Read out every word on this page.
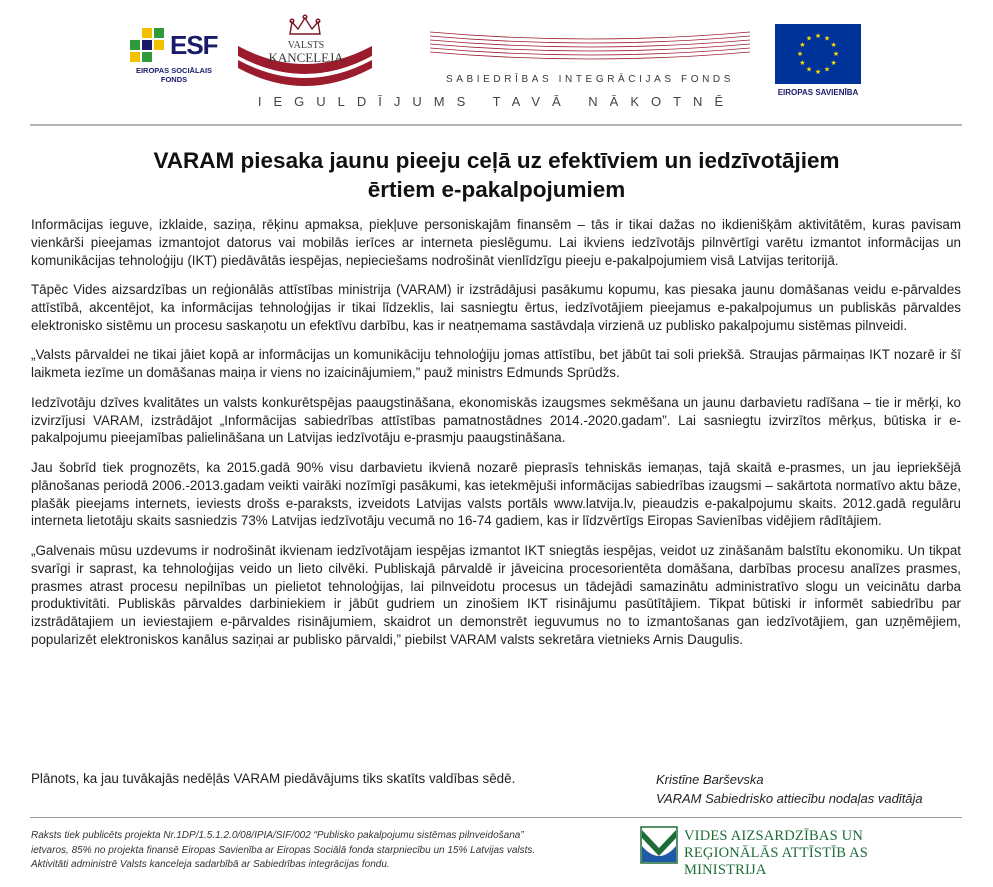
ESF
EIROPAS SOCIĀLAIS
FONDS
VALSTS
KANCELEJA
SABIEDRĪBAS INTEGRĀCIJAS FONDS
★ ★
★
★
★
★
★
★
★
★
★
★
EIROPAS SAVIENĪBA
IEGULDĪJUMS TAVĀ NĀKOTNĒ
VARAM piesaka jaunu pieeju ceļā uz efektīviem un iedzīvotājiem
ērtiem e-pakalpojumiem

Informācijas ieguve, izklaide, saziņa, rēķinu apmaksa, piekļuve personiskajām finansēm – tās ir tikai dažas no ikdienišķām aktivitātēm, kuras pavisam vienkārši pieejamas izmantojot datorus vai mobilās ierīces ar interneta pieslēgumu. Lai ikviens iedzīvotājs pilnvērtīgi varētu izmantot informācijas un komunikācijas tehnoloģiju (IKT) piedāvātās iespējas, nepieciešams nodrošināt vienlīdzīgu pieeju e-pakalpojumiem visā Latvijas teritorijā.

Tāpēc Vides aizsardzības un reģionālās attīstības ministrija (VARAM) ir izstrādājusi pasākumu kopumu, kas piesaka jaunu domāšanas veidu e-pārvaldes attīstībā, akcentējot, ka informācijas tehnoloģijas ir tikai līdzeklis, lai sasniegtu ērtus, iedzīvotājiem pieejamus e-pakalpojumus un publiskās pārvaldes elektronisko sistēmu un procesu saskaņotu un efektīvu darbību, kas ir neatņemama sastāvdaļa virzienā uz publisko pakalpojumu sistēmas pilnveidi.

„Valsts pārvaldei ne tikai jāiet kopā ar informācijas un komunikāciju tehnoloģiju jomas attīstību, bet jābūt tai soli priekšā. Straujas pārmaiņas IKT nozarē ir šī laikmeta iezīme un domāšanas maiņa ir viens no izaicinājumiem,” pauž ministrs Edmunds Sprūdžs.

Iedzīvotāju dzīves kvalitātes un valsts konkurētspējas paaugstināšana, ekonomiskās izaugsmes sekmēšana un jaunu darbavietu radīšana – tie ir mērķi, ko izvirzījusi VARAM, izstrādājot „Informācijas sabiedrības attīstības pamatnostādnes 2014.-2020.gadam”. Lai sasniegtu izvirzītos mērķus, būtiska ir e-pakalpojumu pieejamības palielināšana un Latvijas iedzīvotāju e-prasmju paaugstināšana.

Jau šobrīd tiek prognozēts, ka 2015.gadā 90% visu darbavietu ikvienā nozarē pieprasīs tehniskās iemaņas, tajā skaitā e-prasmes, un jau iepriekšējā plānošanas periodā 2006.-2013.gadam veikti vairāki nozīmīgi pasākumi, kas ietekmējuši informācijas sabiedrības izaugsmi – sakārtota normatīvo aktu bāze, plašāk pieejams internets, ieviests drošs e-paraksts, izveidots Latvijas valsts portāls www.latvija.lv, pieaudzis e-pakalpojumu skaits. 2012.gadā regulāru interneta lietotāju skaits sasniedzis 73% Latvijas iedzīvotāju vecumā no 16-74 gadiem, kas ir līdzvērtīgs Eiropas Savienības vidējiem rādītājiem.

„Galvenais mūsu uzdevums ir nodrošināt ikvienam iedzīvotājam iespējas izmantot IKT sniegtās iespējas, veidot uz zināšanām balstītu ekonomiku. Un tikpat svarīgi ir saprast, ka tehnoloģijas veido un lieto cilvēki. Publiskajā pārvaldē ir jāveicina procesorientēta domāšana, darbības procesu analīzes prasmes, prasmes atrast procesu nepilnības un pielietot tehnoloģijas, lai pilnveidotu procesus un tādejādi samazinātu administratīvo slogu un veicinātu darba produktivitāti. Publiskās pārvaldes darbiniekiem ir jābūt gudriem un zinošiem IKT risinājumu pasūtītājiem. Tikpat būtiski ir informēt sabiedrību par izstrādātajiem un ieviestajiem e-pārvaldes risinājumiem, skaidrot un demonstrēt ieguvumus no to izmantošanas gan iedzīvotājiem, gan uzņēmējiem, popularizēt elektroniskos kanālus saziņai ar publisko pārvaldi,” piebilst VARAM valsts sekretāra vietnieks Arnis Daugulis.

Plānots, ka jau tuvākajās nedēļās VARAM piedāvājums tiks skatīts valdības sēdē.	Kristīne Barševska
VARAM Sabiedrisko attiecību nodaļas vadītāja
Raksts tiek publicēts projekta Nr.1DP/1.5.1.2.0/08/IPIA/SIF/002 “Publisko pakalpojumu sistēmas pilnveidošana”
ietvaros, 85% no projekta finansē Eiropas Savienība ar Eiropas Sociālā fonda starpniecību un 15% Latvijas valsts.
Aktivitāti administrē Valsts kanceleja sadarbībā ar Sabiedrības integrācijas fondu.
VIDES AIZSARDZĪBAS UN
REĢIONĀLĀS ATTĪSTĪB AS MINISTRIJA
